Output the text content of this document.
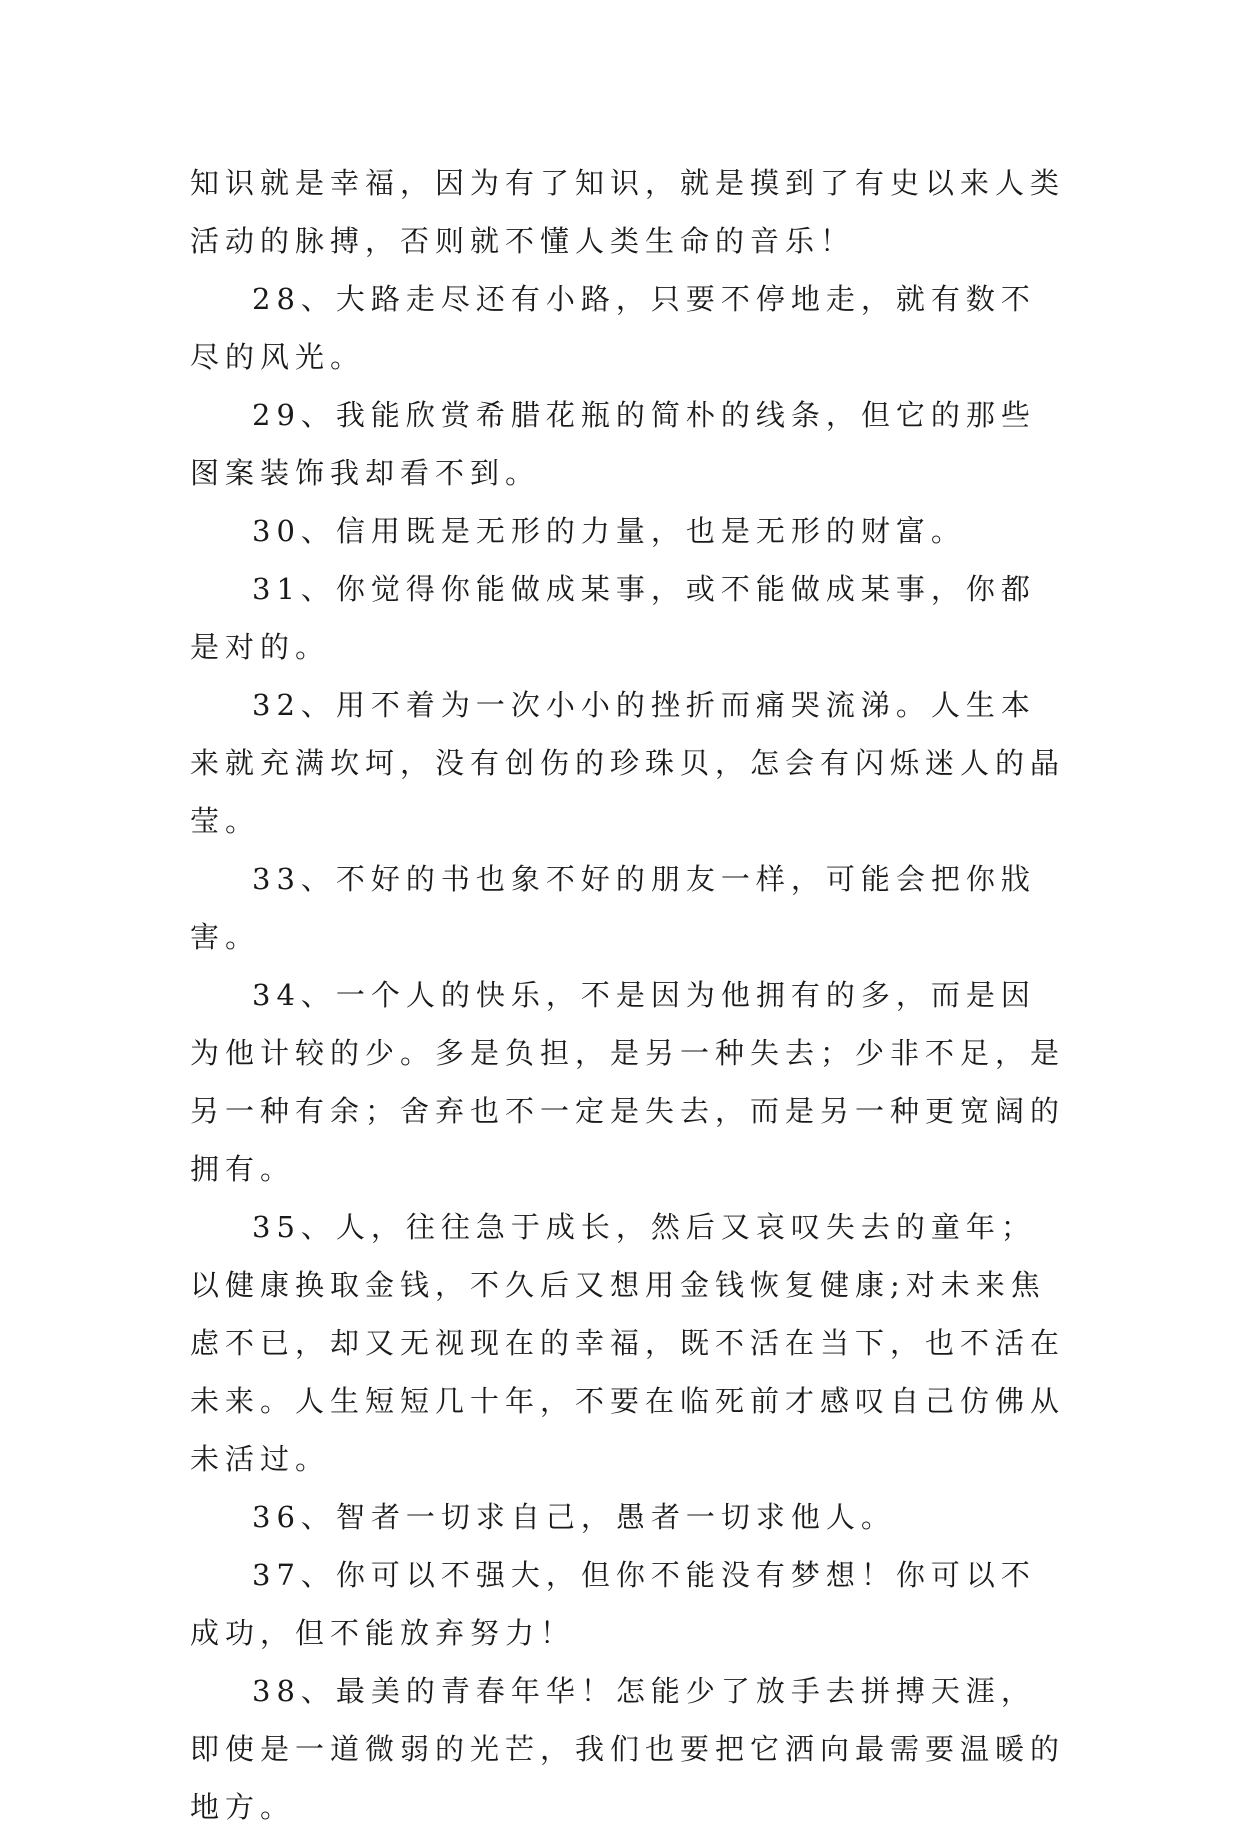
知识就是幸福，因为有了知识，就是摸到了有史以来人类活动的脉搏，否则就不懂人类生命的音乐！

28、大路走尽还有小路，只要不停地走，就有数不尽的风光。

29、我能欣赏希腊花瓶的简朴的线条，但它的那些图案装饰我却看不到。

30、信用既是无形的力量，也是无形的财富。

31、你觉得你能做成某事，或不能做成某事，你都是对的。

32、用不着为一次小小的挫折而痛哭流涕。人生本来就充满坎坷，没有创伤的珍珠贝，怎会有闪烁迷人的晶莹。

33、不好的书也象不好的朋友一样，可能会把你戕害。

34、一个人的快乐，不是因为他拥有的多，而是因为他计较的少。多是负担，是另一种失去；少非不足，是另一种有余；舍弃也不一定是失去，而是另一种更宽阔的拥有。

35、人，往往急于成长，然后又哀叹失去的童年；以健康换取金钱，不久后又想用金钱恢复健康;对未来焦虑不已，却又无视现在的幸福，既不活在当下，也不活在未来。人生短短几十年，不要在临死前才感叹自己仿佛从未活过。

36、智者一切求自己，愚者一切求他人。

37、你可以不强大，但你不能没有梦想！你可以不成功，但不能放弃努力！

38、最美的青春年华！怎能少了放手去拼搏天涯，即使是一道微弱的光芒，我们也要把它洒向最需要温暖的地方。
